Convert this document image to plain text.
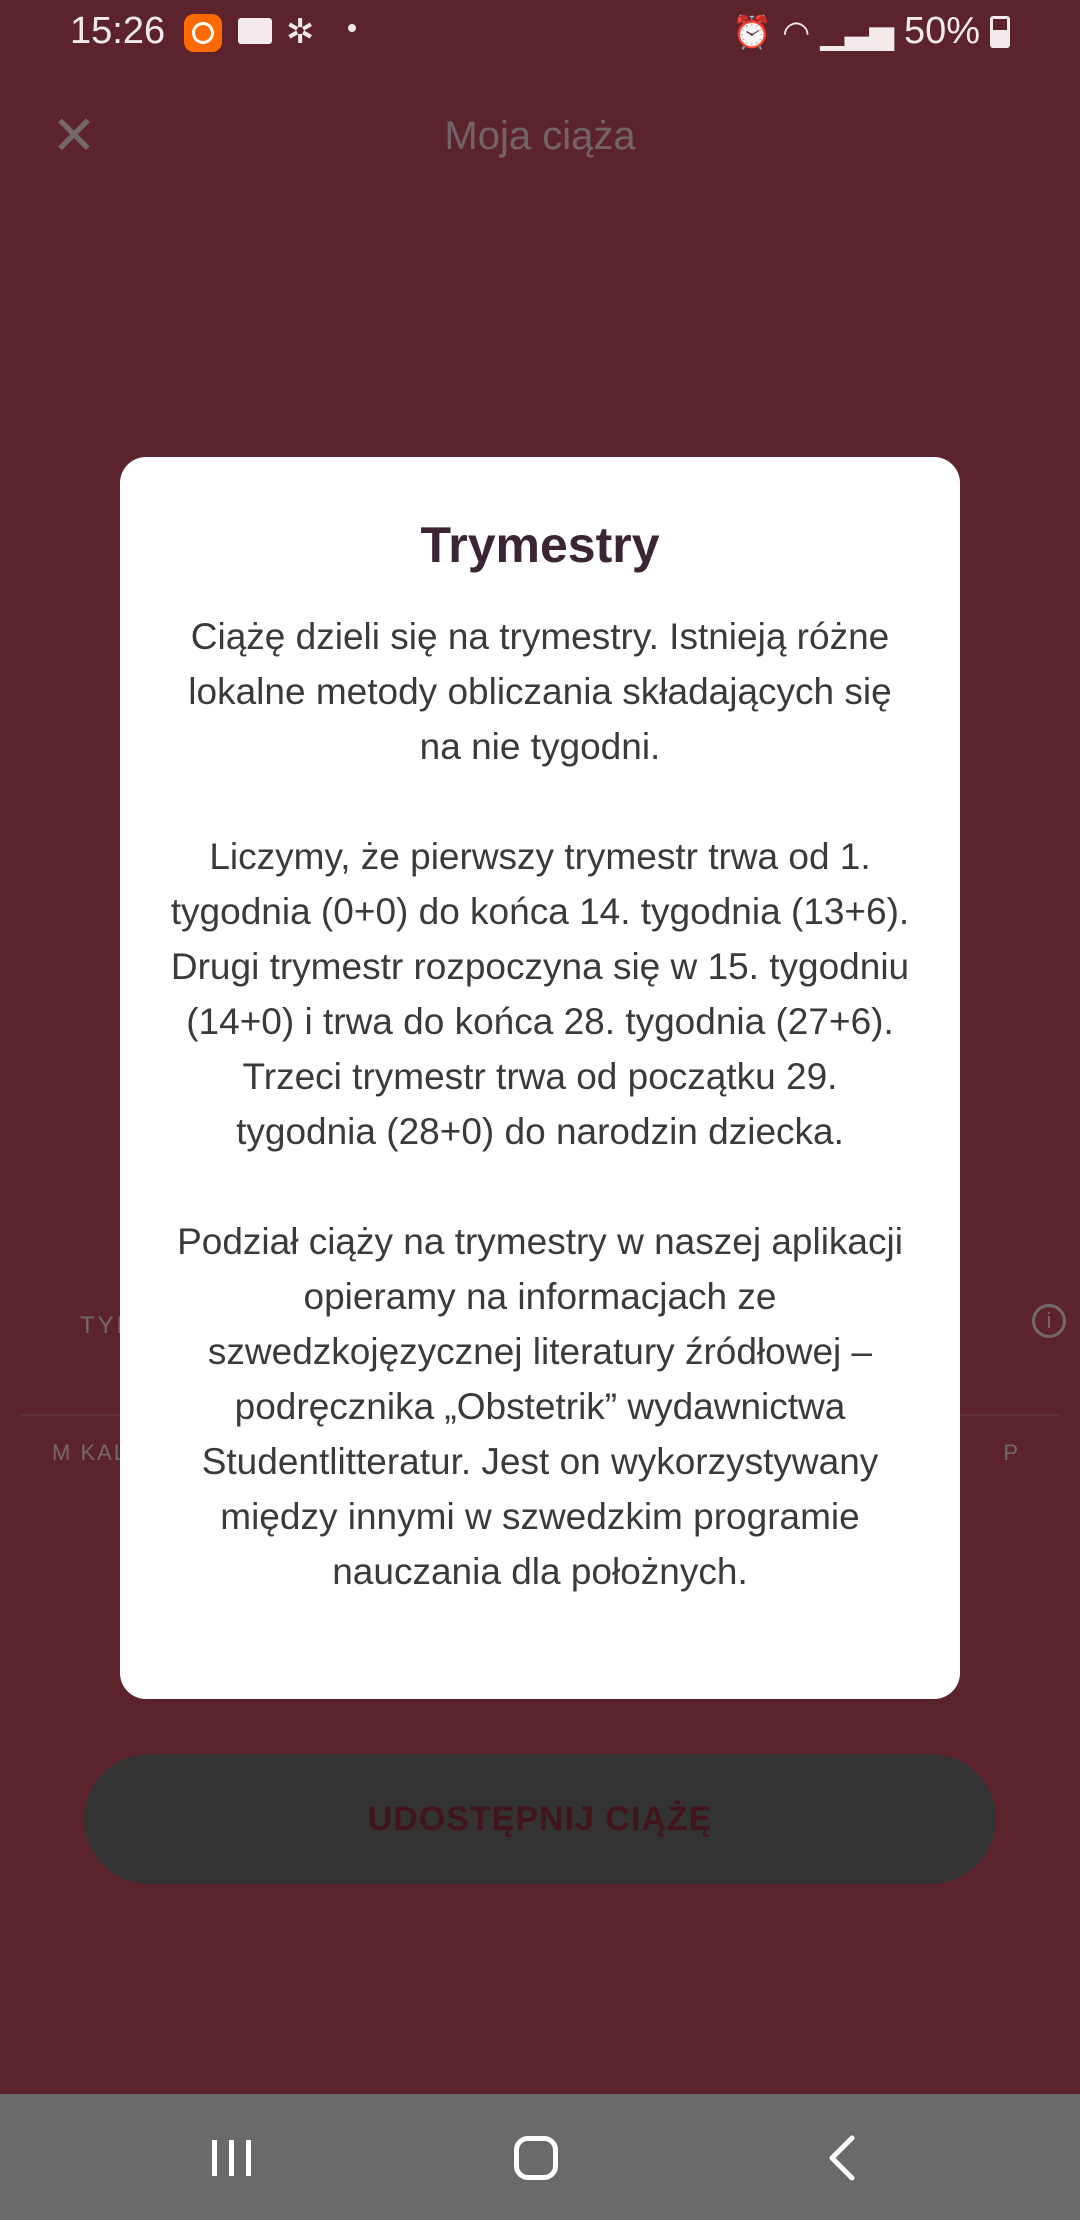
15:26	✲	⏰ ◠ ▁▃▅ 50%
Trymestry

Ciążę dzieli się na trymestry. Istnieją różne lokalne metody obliczania składających się na nie tygodni.

Liczymy, że pierwszy trymestr trwa od 1. tygodnia (0+0) do końca 14. tygodnia (13+6). Drugi trymestr rozpoczyna się w 15. tygodniu (14+0) i trwa do końca 28. tygodnia (27+6). Trzeci trymestr trwa od początku 29. tygodnia (28+0) do narodzin dziecka.

Podział ciąży na trymestry w naszej aplikacji opieramy na informacjach ze szwedzkojęzycznej literatury źródłowej – podręcznika „Obstetrik” wydawnictwa Studentlitteratur. Jest on wykorzystywany między innymi w szwedzkim programie nauczania dla położnych.
